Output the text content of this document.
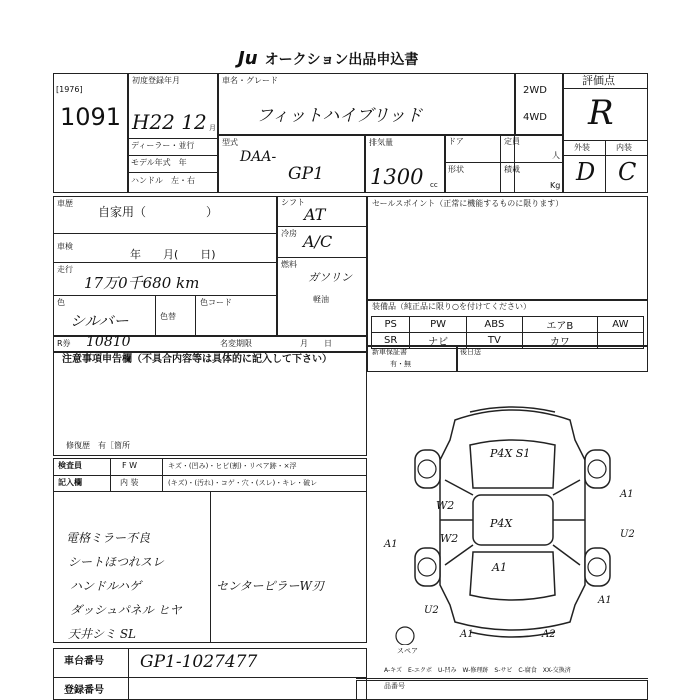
Ju オークション出品申込書
[1976]
1091
初度登録年月
H22 12 月
ディーラー・並行
モデル年式　年
ハンドル　左・右
車名・グレード
フィットハイブリッド
型式
DAA-
GP1
排気量
1300 cc
ドア
形状
定員
人
積載
Kg
2WD
4WD
評価点
R
外装	内装
D C
車歴
自家用（　　　　　）
車検
年　　月(　　日)
走行
17万0千680 km
色
シルバー	色替
色コード
シフト
AT
冷房 A/C
燃料
ガソリン
軽油
R券 10810	名変期限	月　　日
セールスポイント（正常に機能するものに限ります）
装備品（純正品に限り○を付けてください）
PS	PW	ABS	エアB	AW
SR	ナビ	TV	カワ	
新車保証書
有・無
後日送
注意事項申告欄（不具合内容等は具体的に記入して下さい）
修復歴　有［箇所
検査員
記入欄
F W
内 装
キズ・(凹み)・ヒビ(割)・リペア跡・×浮
(キズ)・(汚れ)・コゲ・穴・(スレ)・キレ・破レ
電格ミラー不良
シートほつれスレ
ハンドルハゲ
ダッシュパネル ヒヤ
天井シミ SL
センターピラーW刃
P4X S1
W2
P4X
W2
A1
A1
U2
A1
A1
U2
A1	A2
スペア
車台番号 GP1-1027477
登録番号
A-キズ　E-エクボ　U-凹み　W-修理跡　S-サビ　C-腐食　XX-交換済
品番号
